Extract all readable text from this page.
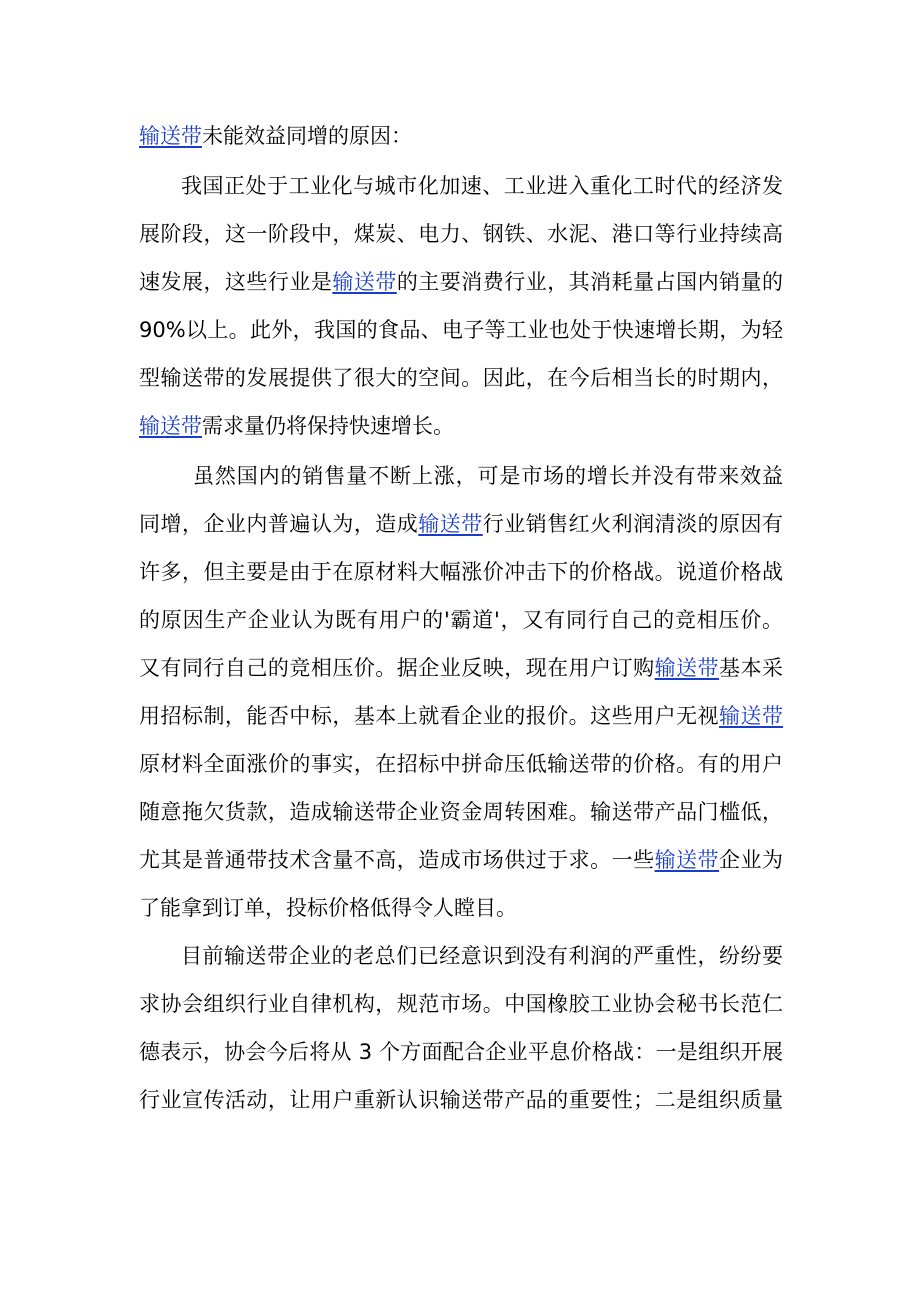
输送带未能效益同增的原因：
我国正处于工业化与城市化加速、工业进入重化工时代的经济发
展阶段，这一阶段中，煤炭、电力、钢铁、水泥、港口等行业持续高
速发展，这些行业是输送带的主要消费行业，其消耗量占国内销量的
90%以上。此外，我国的食品、电子等工业也处于快速增长期，为轻
型输送带的发展提供了很大的空间。因此，在今后相当长的时期内，
输送带需求量仍将保持快速增长。
虽然国内的销售量不断上涨，可是市场的增长并没有带来效益
同增，企业内普遍认为，造成输送带行业销售红火利润清淡的原因有
许多，但主要是由于在原材料大幅涨价冲击下的价格战。说道价格战
的原因生产企业认为既有用户的'霸道'，又有同行自己的竞相压价。
又有同行自己的竞相压价。据企业反映，现在用户订购输送带基本采
用招标制，能否中标，基本上就看企业的报价。这些用户无视输送带
原材料全面涨价的事实，在招标中拼命压低输送带的价格。有的用户
随意拖欠货款，造成输送带企业资金周转困难。输送带产品门槛低，
尤其是普通带技术含量不高，造成市场供过于求。一些输送带企业为
了能拿到订单，投标价格低得令人瞠目。
目前输送带企业的老总们已经意识到没有利润的严重性，纷纷要
求协会组织行业自律机构，规范市场。中国橡胶工业协会秘书长范仁
德表示，协会今后将从 3 个方面配合企业平息价格战：一是组织开展
行业宣传活动，让用户重新认识输送带产品的重要性；二是组织质量
